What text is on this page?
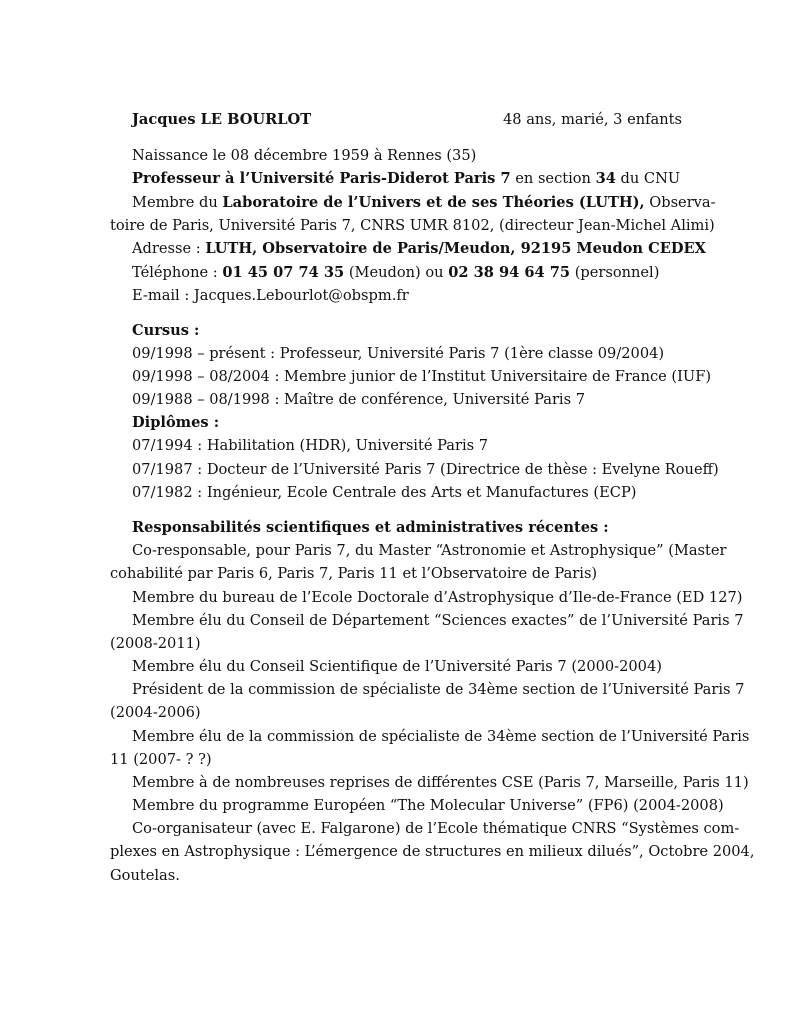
Jacques LE BOURLOT	48 ans, marié, 3 enfants
Naissance le 08 décembre 1959 à Rennes (35)
Professeur à l’Université Paris-Diderot Paris 7 en section 34 du CNU
Membre du Laboratoire de l’Univers et de ses Théories (LUTH), Observa-
toire de Paris, Université Paris 7, CNRS UMR 8102, (directeur Jean-Michel Alimi)
Adresse : LUTH, Observatoire de Paris/Meudon, 92195 Meudon CEDEX
Téléphone : 01 45 07 74 35 (Meudon) ou 02 38 94 64 75 (personnel)
E-mail : Jacques.Lebourlot@obspm.fr
Cursus :
09/1998 – présent : Professeur, Université Paris 7 (1ère classe 09/2004)
09/1998 – 08/2004 : Membre junior de l’Institut Universitaire de France (IUF)
09/1988 – 08/1998 : Maître de conférence, Université Paris 7
Diplômes :
07/1994 : Habilitation (HDR), Université Paris 7
07/1987 : Docteur de l’Université Paris 7 (Directrice de thèse : Evelyne Roueff)
07/1982 : Ingénieur, Ecole Centrale des Arts et Manufactures (ECP)
Responsabilités scientifiques et administratives récentes :
Co-responsable, pour Paris 7, du Master “Astronomie et Astrophysique” (Master
cohabilité par Paris 6, Paris 7, Paris 11 et l’Observatoire de Paris)
Membre du bureau de l’Ecole Doctorale d’Astrophysique d’Ile-de-France (ED 127)
Membre élu du Conseil de Département “Sciences exactes” de l’Université Paris 7
(2008-2011)
Membre élu du Conseil Scientifique de l’Université Paris 7 (2000-2004)
Président de la commission de spécialiste de 34ème section de l’Université Paris 7
(2004-2006)
Membre élu de la commission de spécialiste de 34ème section de l’Université Paris
11 (2007- ? ?)
Membre à de nombreuses reprises de différentes CSE (Paris 7, Marseille, Paris 11)
Membre du programme Européen “The Molecular Universe” (FP6) (2004-2008)
Co-organisateur (avec E. Falgarone) de l’Ecole thématique CNRS “Systèmes com-
plexes en Astrophysique : L’émergence de structures en milieux dilués”, Octobre 2004,
Goutelas.
